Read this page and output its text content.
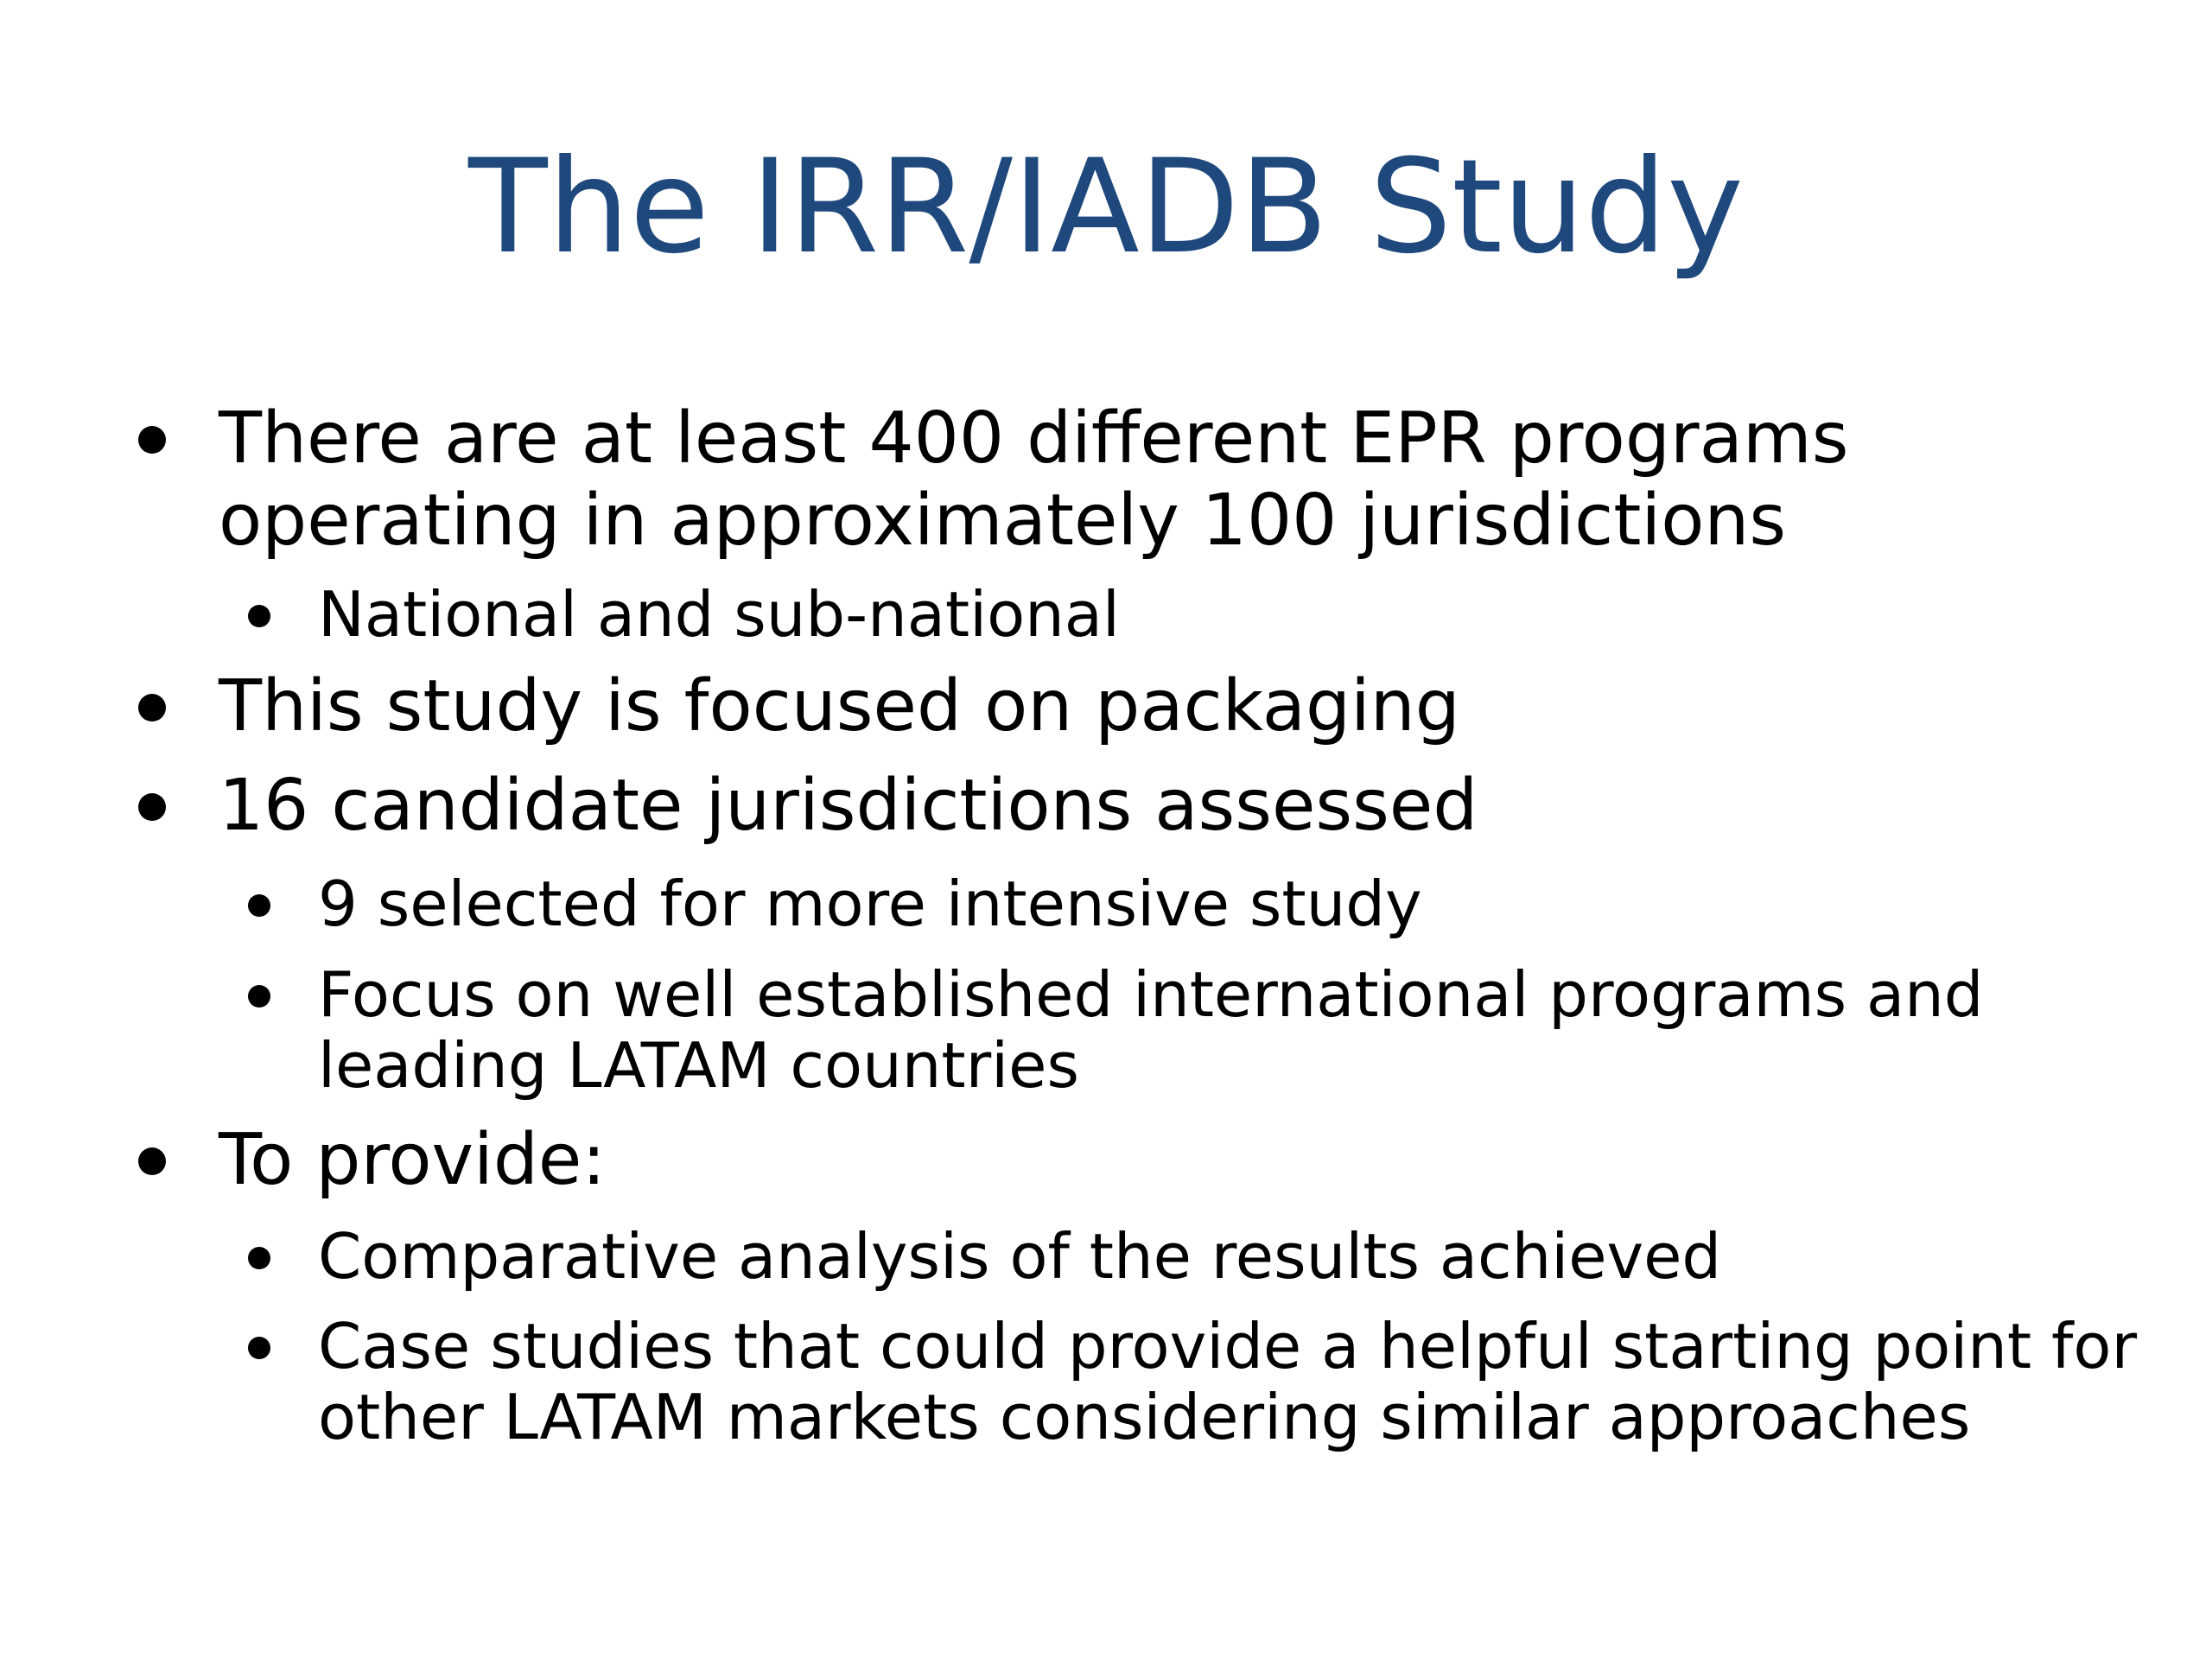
The IRR/IADB Study
There are at least 400 different EPR programs
operating in approximately 100 jurisdictions
National and sub-national
This study is focused on packaging
16 candidate jurisdictions assessed
9 selected for more intensive study
Focus on well established international programs and
leading LATAM countries
To provide:
Comparative analysis of the results achieved
Case studies that could provide a helpful starting point for
other LATAM markets considering similar approaches
